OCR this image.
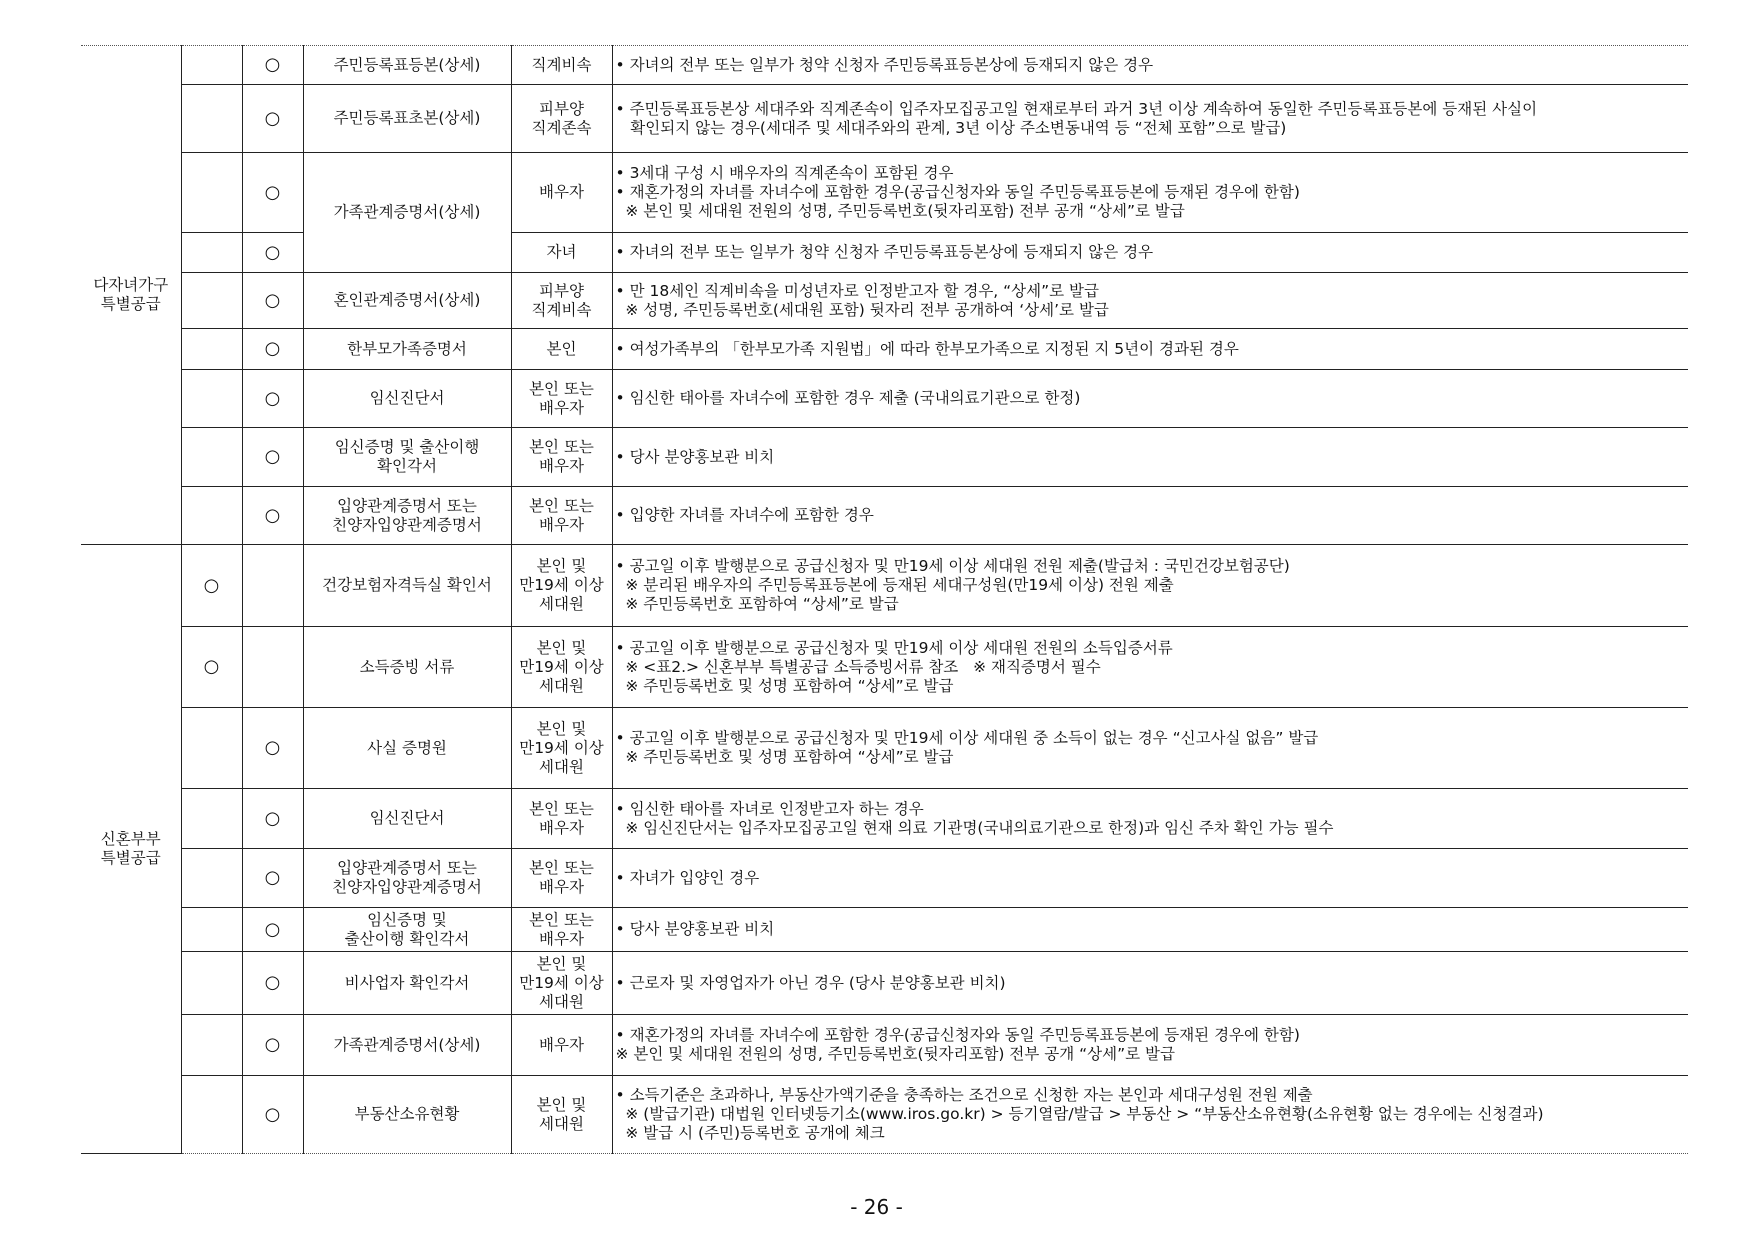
다자녀가구
특별공급		○	주민등록표등본(상세)	직계비속	• 자녀의 전부 또는 일부가 청약 신청자 주민등록표등본상에 등재되지 않은 경우

		○	주민등록표초본(상세)	피부양
직계존속	• 주민등록표등본상 세대주와 직계존속이 입주자모집공고일 현재로부터 과거 3년 이상 계속하여 동일한 주민등록표등본에 등재된 사실이
확인되지 않는 경우(세대주 및 세대주와의 관계, 3년 이상 주소변동내역 등 “전체 포함”으로 발급)

		○	가족관계증명서(상세)	배우자	• 3세대 구성 시 배우자의 직계존속이 포함된 경우
• 재혼가정의 자녀를 자녀수에 포함한 경우(공급신청자와 동일 주민등록표등본에 등재된 경우에 한함)
※ 본인 및 세대원 전원의 성명, 주민등록번호(뒷자리포함) 전부 공개 “상세”로 발급

		○		자녀	• 자녀의 전부 또는 일부가 청약 신청자 주민등록표등본상에 등재되지 않은 경우

		○	혼인관계증명서(상세)	피부양
직계비속	• 만 18세인 직계비속을 미성년자로 인정받고자 할 경우, “상세”로 발급
※ 성명, 주민등록번호(세대원 포함) 뒷자리 전부 공개하여 ‘상세’로 발급

		○	한부모가족증명서	본인	• 여성가족부의 「한부모가족 지원법」에 따라 한부모가족으로 지정된 지 5년이 경과된 경우

		○	임신진단서	본인 또는
배우자	• 임신한 태아를 자녀수에 포함한 경우 제출 (국내의료기관으로 한정)

		○	임신증명 및 출산이행
확인각서	본인 또는
배우자	• 당사 분양홍보관 비치

		○	입양관계증명서 또는
친양자입양관계증명서	본인 또는
배우자	• 입양한 자녀를 자녀수에 포함한 경우

신혼부부
특별공급	○		건강보험자격득실 확인서	본인 및
만19세 이상
세대원	• 공고일 이후 발행분으로 공급신청자 및 만19세 이상 세대원 전원 제출(발급처 : 국민건강보험공단)
※ 분리된 배우자의 주민등록표등본에 등재된 세대구성원(만19세 이상) 전원 제출
※ 주민등록번호 포함하여 “상세”로 발급

	○		소득증빙 서류	본인 및
만19세 이상
세대원	• 공고일 이후 발행분으로 공급신청자 및 만19세 이상 세대원 전원의 소득입증서류
※ <표2.> 신혼부부 특별공급 소득증빙서류 참조   ※ 재직증명서 필수
※ 주민등록번호 및 성명 포함하여 “상세”로 발급

		○	사실 증명원	본인 및
만19세 이상
세대원	• 공고일 이후 발행분으로 공급신청자 및 만19세 이상 세대원 중 소득이 없는 경우 “신고사실 없음” 발급
※ 주민등록번호 및 성명 포함하여 “상세”로 발급

		○	임신진단서	본인 또는
배우자	• 임신한 태아를 자녀로 인정받고자 하는 경우
※ 임신진단서는 입주자모집공고일 현재 의료 기관명(국내의료기관으로 한정)과 임신 주차 확인 가능 필수

		○	입양관계증명서 또는
친양자입양관계증명서	본인 또는
배우자	• 자녀가 입양인 경우

		○	임신증명 및
출산이행 확인각서	본인 또는
배우자	• 당사 분양홍보관 비치

		○	비사업자 확인각서	본인 및
만19세 이상
세대원	• 근로자 및 자영업자가 아닌 경우 (당사 분양홍보관 비치)

		○	가족관계증명서(상세)	배우자	• 재혼가정의 자녀를 자녀수에 포함한 경우(공급신청자와 동일 주민등록표등본에 등재된 경우에 한함)
※ 본인 및 세대원 전원의 성명, 주민등록번호(뒷자리포함) 전부 공개 “상세”로 발급

		○	부동산소유현황	본인 및
세대원	• 소득기준은 초과하나, 부동산가액기준을 충족하는 조건으로 신청한 자는 본인과 세대구성원 전원 제출
※ (발급기관) 대법원 인터넷등기소(www.iros.go.kr) > 등기열람/발급 > 부동산 > “부동산소유현황(소유현황 없는 경우에는 신청결과)
※ 발급 시 (주민)등록번호 공개에 체크
- 26 -
